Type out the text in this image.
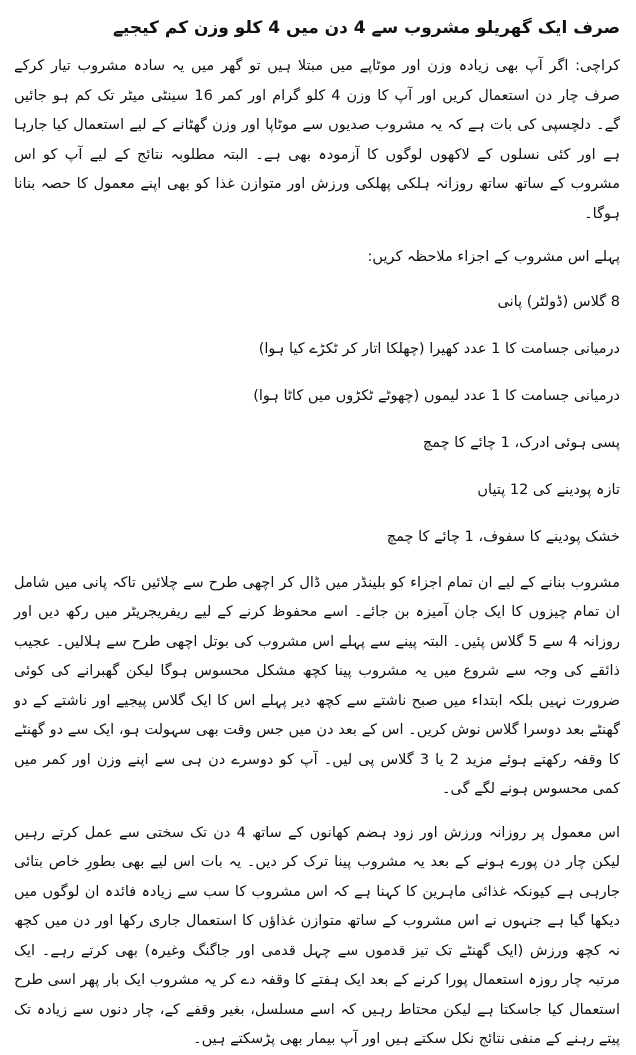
صرف ایک گھریلو مشروب سے 4 دن میں 4 کلو وزن کم کیجیے

کراچی: اگر آپ بھی زیادہ وزن اور موٹاپے میں مبتلا ہیں تو گھر میں یہ سادہ مشروب تیار کرکے صرف چار دن استعمال کریں اور آپ کا وزن 4 کلو گرام اور کمر 16 سینٹی میٹر تک کم ہو جائیں گے۔ دلچسپی کی بات ہے کہ یہ مشروب صدیوں سے موٹاپا اور وزن گھٹانے کے لیے استعمال کیا جارہا ہے اور کئی نسلوں کے لاکھوں لوگوں کا آزمودہ بھی ہے۔ البتہ مطلوبہ نتائج کے لیے آپ کو اس مشروب کے ساتھ ساتھ روزانہ ہلکی پھلکی ورزش اور متوازن غذا کو بھی اپنے معمول کا حصہ بنانا ہوگا۔

پہلے اس مشروب کے اجزاء ملاحظہ کریں:

8 گلاس (ڈولٹر) پانی
درمیانی جسامت کا 1 عدد کھیرا (چھلکا اتار کر ٹکڑے کیا ہوا)
درمیانی جسامت کا 1 عدد لیموں (چھوٹے ٹکڑوں میں کاٹا ہوا)
پسی ہوئی ادرک، 1 چائے کا چمچ
تازہ پودینے کی 12 پتیاں
خشک پودینے کا سفوف، 1 چائے کا چمچ

مشروب بنانے کے لیے ان تمام اجزاء کو بلینڈر میں ڈال کر اچھی طرح سے چلائیں تاکہ پانی میں شامل ان تمام چیزوں کا ایک جان آمیزہ بن جائے۔ اسے محفوظ کرنے کے لیے ریفریجریٹر میں رکھ دیں اور روزانہ 4 سے 5 گلاس پئیں۔ البتہ پینے سے پہلے اس مشروب کی بوتل اچھی طرح سے ہلالیں۔ عجیب ذائقے کی وجہ سے شروع میں یہ مشروب پینا کچھ مشکل محسوس ہوگا لیکن گھبرانے کی کوئی ضرورت نہیں بلکہ ابتداء میں صبح ناشتے سے کچھ دیر پہلے اس کا ایک گلاس پیجیے اور ناشتے کے دو گھنٹے بعد دوسرا گلاس نوش کریں۔ اس کے بعد دن میں جس وقت بھی سہولت ہو، ایک سے دو گھنٹے کا وقفہ رکھتے ہوئے مزید 2 یا 3 گلاس پی لیں۔ آپ کو دوسرے دن ہی سے اپنے وزن اور کمر میں کمی محسوس ہونے لگے گی۔

اس معمول پر روزانہ ورزش اور زود ہضم کھانوں کے ساتھ 4 دن تک سختی سے عمل کرتے رہیں لیکن چار دن پورے ہونے کے بعد یہ مشروب پینا ترک کر دیں۔ یہ بات اس لیے بھی بطورِ خاص بتائی جارہی ہے کیونکہ غذائی ماہرین کا کہنا ہے کہ اس مشروب کا سب سے زیادہ فائدہ ان لوگوں میں دیکھا گیا ہے جنہوں نے اس مشروب کے ساتھ متوازن غذاؤں کا استعمال جاری رکھا اور دن میں کچھ نہ کچھ ورزش (ایک گھنٹے تک تیز قدموں سے چہل قدمی اور جاگنگ وغیرہ) بھی کرتے رہے۔ ایک مرتبہ چار روزہ استعمال پورا کرنے کے بعد ایک ہفتے کا وقفہ دے کر یہ مشروب ایک بار پھر اسی طرح استعمال کیا جاسکتا ہے لیکن محتاط رہیں کہ اسے مسلسل، بغیر وقفے کے، چار دنوں سے زیادہ تک پیتے رہنے کے منفی نتائج نکل سکتے ہیں اور آپ بیمار بھی پڑسکتے ہیں۔
